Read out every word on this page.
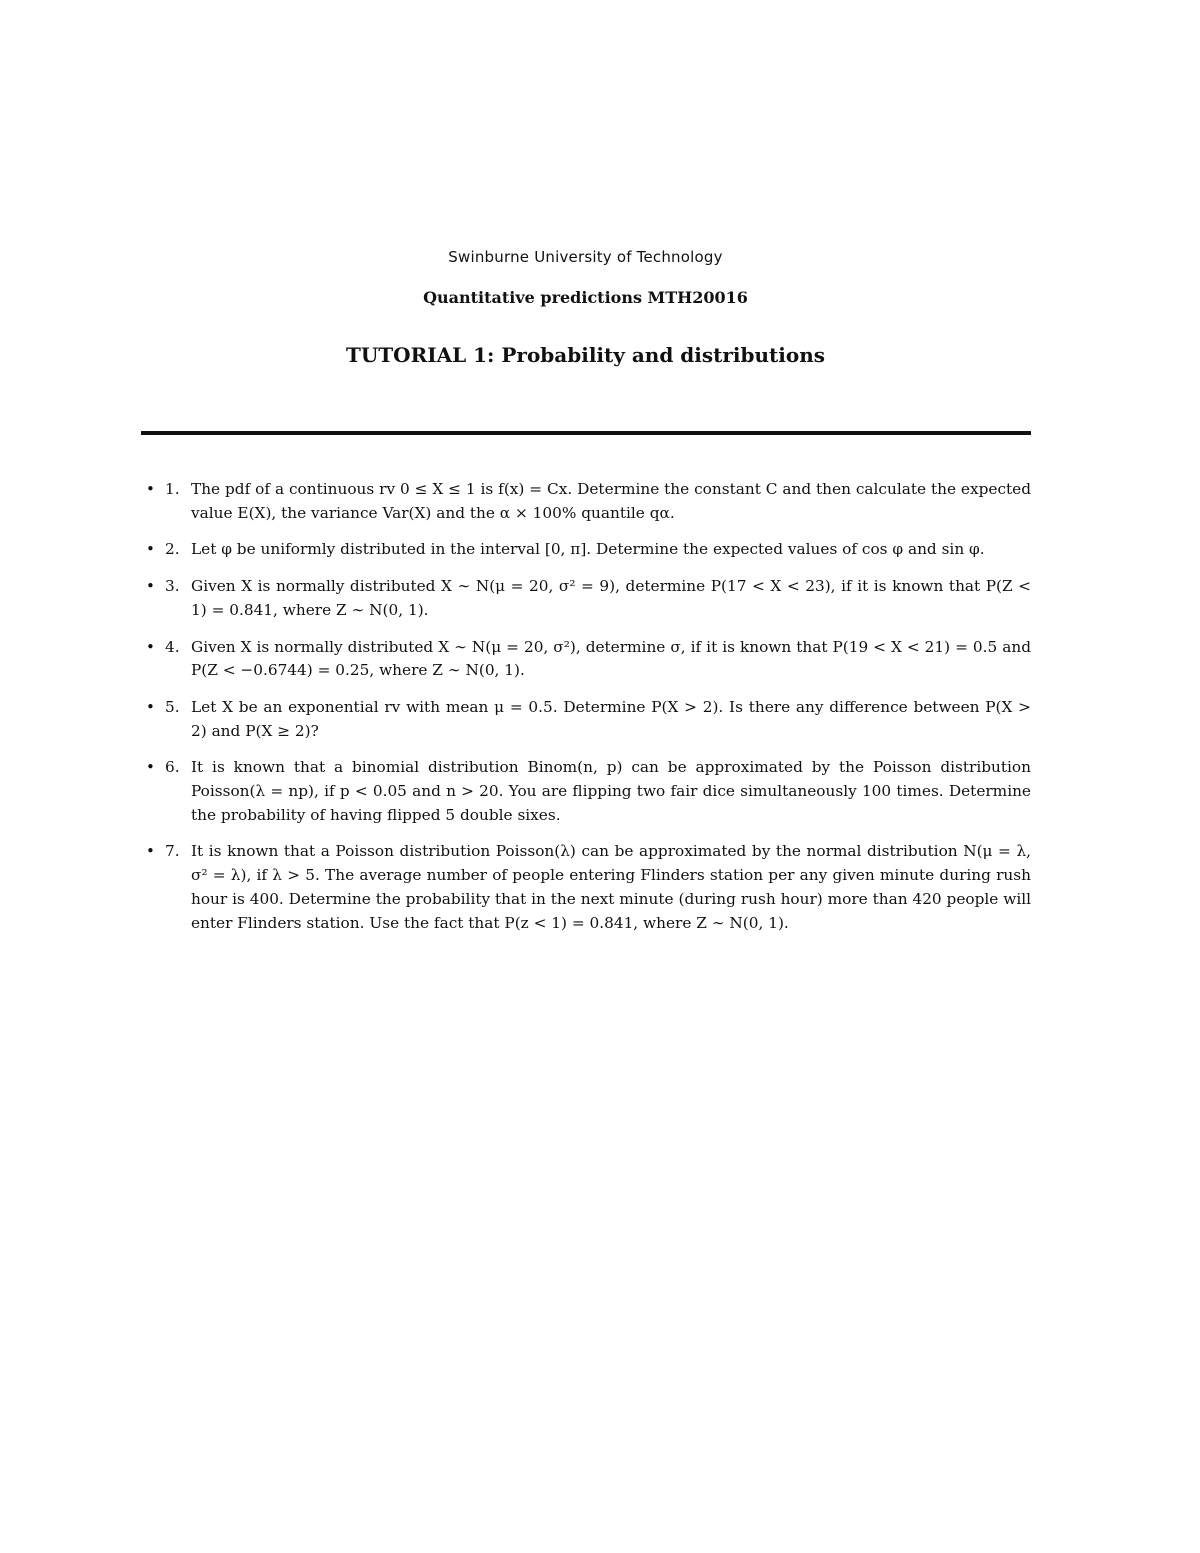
Swinburne University of Technology
Quantitative predictions MTH20016
TUTORIAL 1: Probability and distributions
• 1. The pdf of a continuous rv 0 ≤ X ≤ 1 is f(x) = Cx. Determine the constant C and then calculate the expected value E(X), the variance Var(X) and the α × 100% quantile qα.
• 2. Let φ be uniformly distributed in the interval [0, π]. Determine the expected values of cos φ and sin φ.
• 3. Given X is normally distributed X ∼ N(μ = 20, σ² = 9), determine P(17 < X < 23), if it is known that P(Z < 1) = 0.841, where Z ∼ N(0, 1).
• 4. Given X is normally distributed X ∼ N(μ = 20, σ²), determine σ, if it is known that P(19 < X < 21) = 0.5 and P(Z < −0.6744) = 0.25, where Z ∼ N(0, 1).
• 5. Let X be an exponential rv with mean μ = 0.5. Determine P(X > 2). Is there any difference between P(X > 2) and P(X ≥ 2)?
• 6. It is known that a binomial distribution Binom(n, p) can be approximated by the Poisson distribution Poisson(λ = np), if p < 0.05 and n > 20. You are flipping two fair dice simultaneously 100 times. Determine the probability of having flipped 5 double sixes.
• 7. It is known that a Poisson distribution Poisson(λ) can be approximated by the normal distribution N(μ = λ, σ² = λ), if λ > 5. The average number of people entering Flinders station per any given minute during rush hour is 400. Determine the probability that in the next minute (during rush hour) more than 420 people will enter Flinders station. Use the fact that P(z < 1) = 0.841, where Z ∼ N(0, 1).
